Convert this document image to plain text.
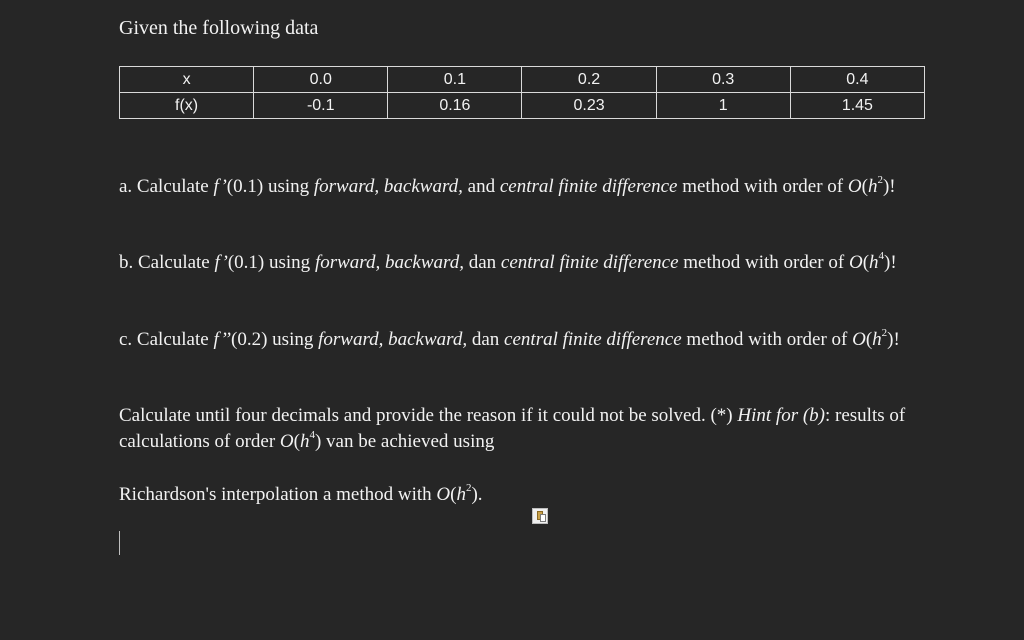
Given the following data
x	0.0	0.1	0.2	0.3	0.4
f(x)	-0.1	0.16	0.23	1	1.45
a. Calculate f’(0.1) using forward, backward, and central finite difference method with order of $O(h^2)$!
b. Calculate f’(0.1) using forward, backward, dan central finite difference method with order of $O(h^4)$!
c. Calculate f’’(0.2) using forward, backward, dan central finite difference method with order of $O(h^2)$!
Calculate until four decimals and provide the reason if it could not be solved. (*) Hint for (b): results of calculations of order $O(h^4)$ van be achieved using
Richardson's interpolation a method with $O(h^2)$.
